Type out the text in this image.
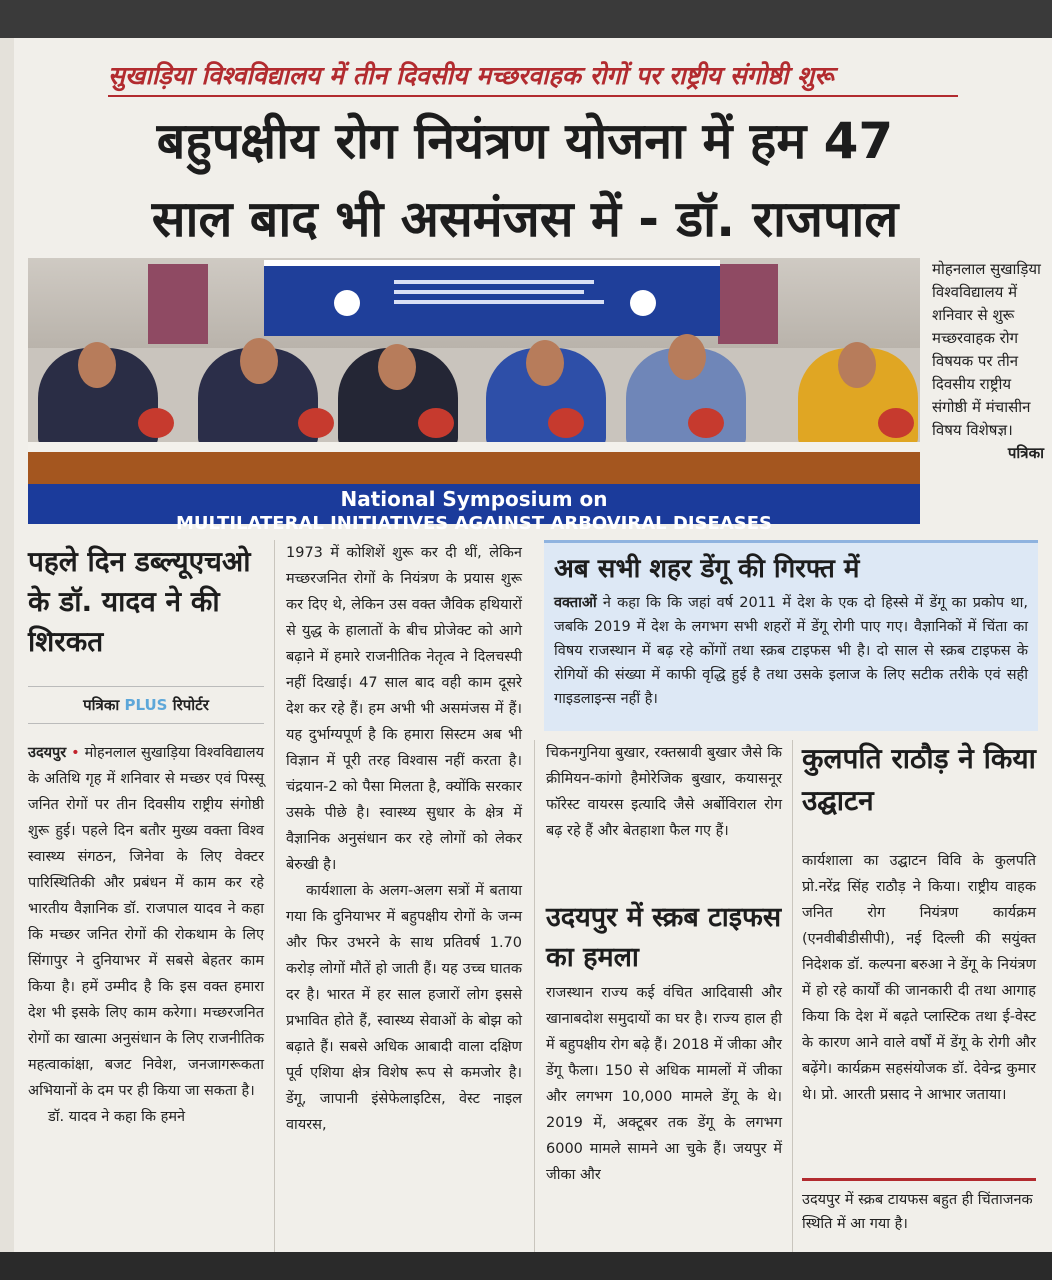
सुखाड़िया विश्वविद्यालय में तीन दिवसीय मच्छरवाहक रोगों पर राष्ट्रीय संगोष्ठी शुरू
बहुपक्षीय रोग नियंत्रण योजना में हम 47
साल बाद भी असमंजस में - डॉ. राजपाल
National Symposium on
MULTILATERAL INITIATIVES AGAINST ARBOVIRAL DISEASES
मोहनलाल सुखाड़िया विश्वविद्यालय में शनिवार से शुरू मच्छरवाहक रोग विषयक पर तीन दिवसीय राष्ट्रीय संगोष्ठी में मंचासीन विषय विशेषज्ञ।
पत्रिका
पहले दिन डब्ल्यूएचओ के डॉ. यादव ने की शिरकत
पत्रिका PLUS रिपोर्टर
उदयपुर • मोहनलाल सुखाड़िया विश्वविद्यालय के अतिथि गृह में शनिवार से मच्छर एवं पिस्सू जनित रोगों पर तीन दिवसीय राष्ट्रीय संगोष्ठी शुरू हुई। पहले दिन बतौर मुख्य वक्ता विश्व स्वास्थ्य संगठन, जिनेवा के लिए वेक्टर पारिस्थितिकी और प्रबंधन में काम कर रहे भारतीय वैज्ञानिक डॉ. राजपाल यादव ने कहा कि मच्छर जनित रोगों की रोकथाम के लिए सिंगापुर ने दुनियाभर में सबसे बेहतर काम किया है। हमें उम्मीद है कि इस वक्त हमारा देश भी इसके लिए काम करेगा। मच्छरजनित रोगों का खात्मा अनुसंधान के लिए राजनीतिक महत्वाकांक्षा, बजट निवेश, जनजागरूकता अभियानों के दम पर ही किया जा सकता है।
डॉ. यादव ने कहा कि हमने
1973 में कोशिशें शुरू कर दी थीं, लेकिन मच्छरजनित रोगों के नियंत्रण के प्रयास शुरू कर दिए थे, लेकिन उस वक्त जैविक हथियारों से युद्ध के हालातों के बीच प्रोजेक्ट को आगे बढ़ाने में हमारे राजनीतिक नेतृत्व ने दिलचस्पी नहीं दिखाई। 47 साल बाद वही काम दूसरे देश कर रहे हैं। हम अभी भी असमंजस में हैं। यह दुर्भाग्यपूर्ण है कि हमारा सिस्टम अब भी विज्ञान में पूरी तरह विश्वास नहीं करता है। चंद्रयान-2 को पैसा मिलता है, क्योंकि सरकार उसके पीछे है। स्वास्थ्य सुधार के क्षेत्र में वैज्ञानिक अनुसंधान कर रहे लोगों को लेकर बेरुखी है।
कार्यशाला के अलग-अलग सत्रों में बताया गया कि दुनियाभर में बहुपक्षीय रोगों के जन्म और फिर उभरने के साथ प्रतिवर्ष 1.70 करोड़ लोगों मौतें हो जाती हैं। यह उच्च घातक दर है। भारत में हर साल हजारों लोग इससे प्रभावित होते हैं, स्वास्थ्य सेवाओं के बोझ को बढ़ाते हैं। सबसे अधिक आबादी वाला दक्षिण पूर्व एशिया क्षेत्र विशेष रूप से कमजोर है। डेंगू, जापानी इंसेफेलाइटिस, वेस्ट नाइल वायरस,
अब सभी शहर डेंगू की गिरफ्त में
वक्ताओं ने कहा कि कि जहां वर्ष 2011 में देश के एक दो हिस्से में डेंगू का प्रकोप था, जबकि 2019 में देश के लगभग सभी शहरों में डेंगू रोगी पाए गए। वैज्ञानिकों में चिंता का विषय राजस्थान में बढ़ रहे कोंगों तथा स्क्रब टाइफस भी है। दो साल से स्क्रब टाइफस के रोगियों की संख्या में काफी वृद्धि हुई है तथा उसके इलाज के लिए सटीक तरीके एवं सही गाइडलाइन्स नहीं है।
चिकनगुनिया बुखार, रक्तस्रावी बुखार जैसे कि क्रीमियन-कांगो हैमोरेजिक बुखार, कयासनूर फॉरेस्ट वायरस इत्यादि जैसे अर्बोविराल रोग बढ़ रहे हैं और बेतहाशा फैल गए हैं।
उदयपुर में स्क्रब टाइफस का हमला
राजस्थान राज्य कई वंचित आदिवासी और खानाबदोश समुदायों का घर है। राज्य हाल ही में बहुपक्षीय रोग बढ़े हैं। 2018 में जीका और डेंगू फैला। 150 से अधिक मामलों में जीका और लगभग 10,000 मामले डेंगू के थे। 2019 में, अक्टूबर तक डेंगू के लगभग 6000 मामले सामने आ चुके हैं। जयपुर में जीका और
कुलपति राठौड़ ने किया उद्घाटन
कार्यशाला का उद्घाटन विवि के कुलपति प्रो.नरेंद्र सिंह राठौड़ ने किया। राष्ट्रीय वाहक जनित रोग नियंत्रण कार्यक्रम (एनवीबीडीसीपी), नई दिल्ली की सयुंक्त निदेशक डॉ. कल्पना बरुआ ने डेंगू के नियंत्रण में हो रहे कार्यों की जानकारी दी तथा आगाह किया कि देश में बढ़ते प्लास्टिक तथा ई-वेस्ट के कारण आने वाले वर्षों में डेंगू के रोगी और बढ़ेंगे। कार्यक्रम सहसंयोजक डॉ. देवेन्द्र कुमार थे। प्रो. आरती प्रसाद ने आभार जताया।
उदयपुर में स्क्रब टायफस बहुत ही चिंताजनक स्थिति में आ गया है।
